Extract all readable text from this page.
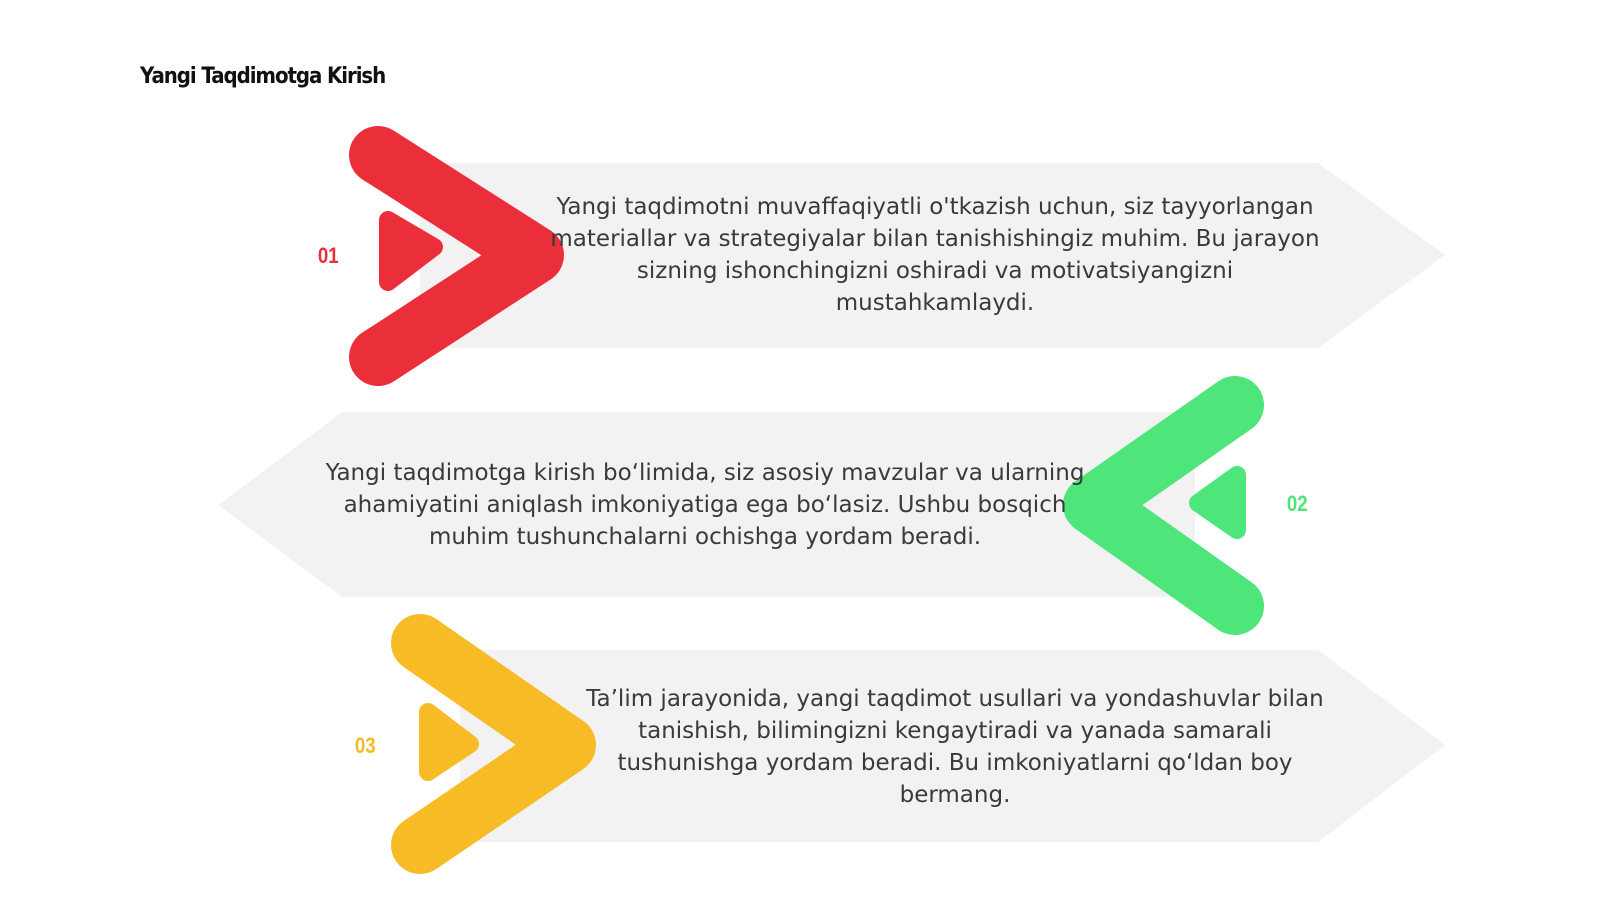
Yangi Taqdimotga Kirish
01
Yangi taqdimotni muvaffaqiyatli o'tkazish uchun, siz tayyorlangan materiallar va strategiyalar bilan tanishishingiz muhim. Bu jarayon sizning ishonchingizni oshiradi va motivatsiyangizni mustahkamlaydi.
02
Yangi taqdimotga kirish bo‘limida, siz asosiy mavzular va ularning ahamiyatini aniqlash imkoniyatiga ega bo‘lasiz. Ushbu bosqich muhim tushunchalarni ochishga yordam beradi.
03
Ta’lim jarayonida, yangi taqdimot usullari va yondashuvlar bilan tanishish, bilimingizni kengaytiradi va yanada samarali tushunishga yordam beradi. Bu imkoniyatlarni qo‘ldan boy bermang.
